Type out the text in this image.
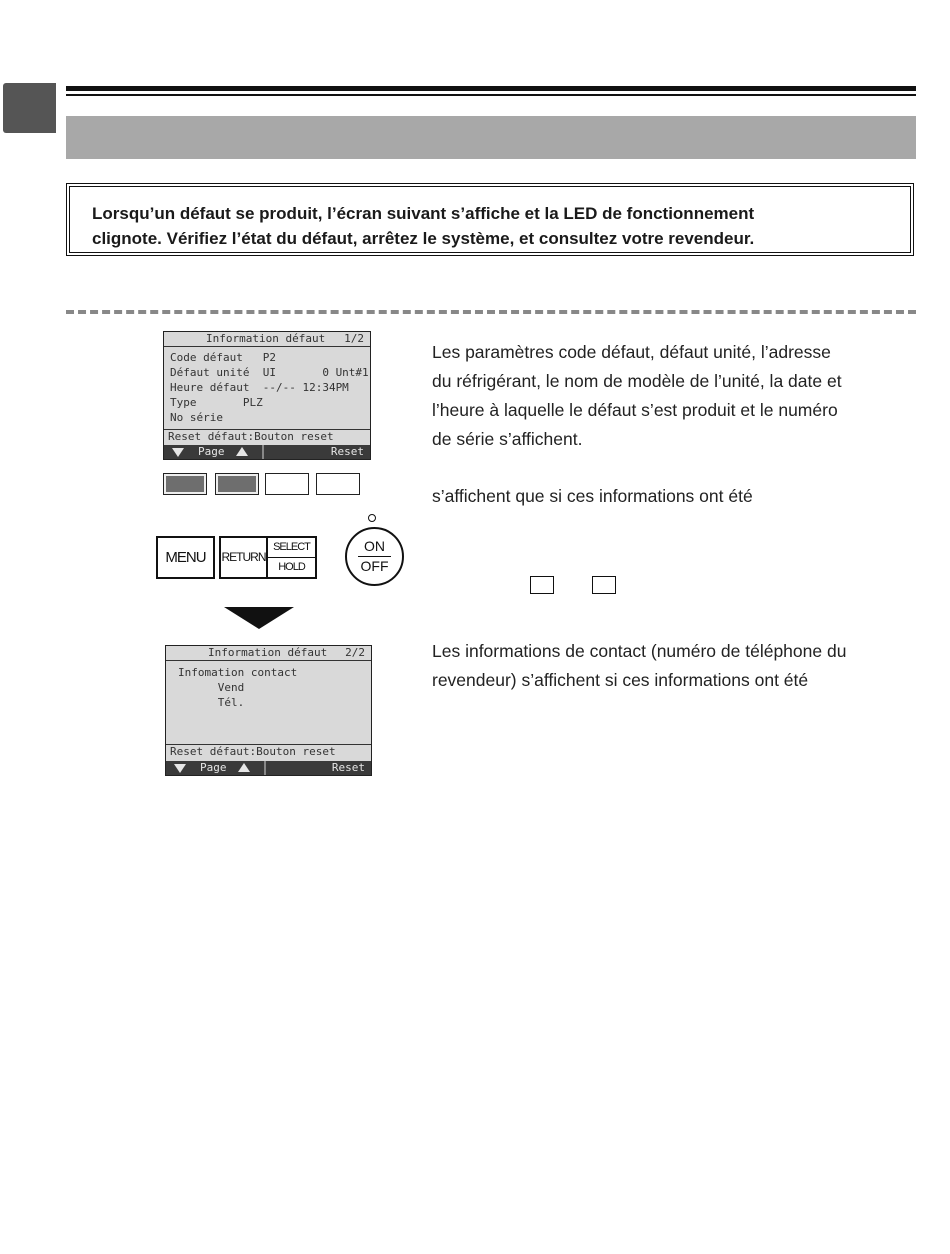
Lorsqu’un défaut se produit, l’écran suivant s’affiche et la LED de fonctionnement
clignote. Vérifiez l’état du défaut, arrêtez le système, et consultez votre revendeur.
Information défaut 1/2
Code défaut   P2
Défaut unité  UI       0 Unt#1
Heure défaut  --/-- 12:34PM
Type       PLZ
No série
Reset défaut:Bouton reset
Page	Reset
MENU	RETURN
SELECT
HOLD
ON
OFF
Information défaut 2/2
Infomation contact
Vend
Tél.
Reset défaut:Bouton reset
Page	Reset
Les paramètres code défaut, défaut unité, l’adresse
du réfrigérant, le nom de modèle de l’unité, la date et
l’heure à laquelle le défaut s’est produit et le numéro
de série s’affichent.
s’affichent que si ces informations ont été
Les informations de contact (numéro de téléphone du
revendeur) s’affichent si ces informations ont été
